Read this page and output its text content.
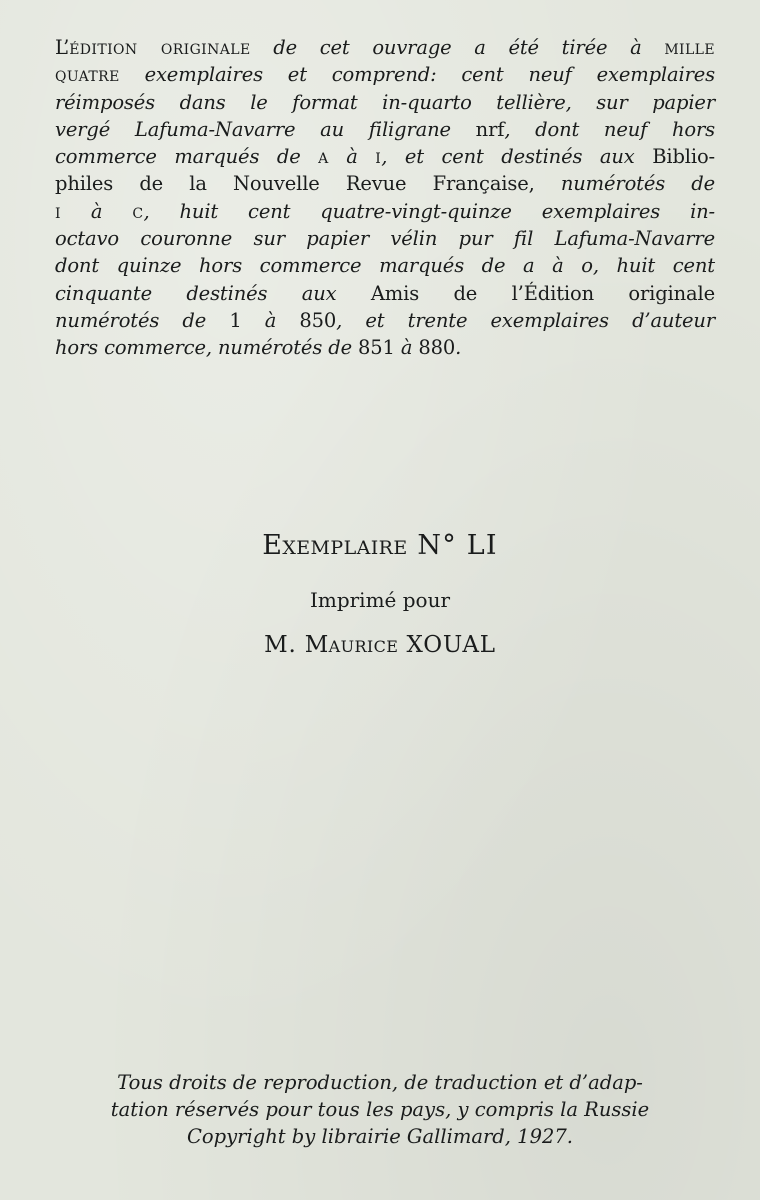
L’édition originale de cet ouvrage a été tirée à mille
quatre exemplaires et comprend: cent neuf exemplaires
réimposés dans le format in-quarto tellière, sur papier
vergé Lafuma-Navarre au filigrane nrf, dont neuf hors
commerce marqués de a à i, et cent destinés aux Biblio-
philes de la Nouvelle Revue Française, numérotés de
i à c, huit cent quatre-vingt-quinze exemplaires in-
octavo couronne sur papier vélin pur fil Lafuma-Navarre
dont quinze hors commerce marqués de a à o, huit cent
cinquante destinés aux Amis de l’Édition originale
numérotés de 1 à 850, et trente exemplaires d’auteur
hors commerce, numérotés de 851 à 880.
Exemplaire N° LI
Imprimé pour
M. Maurice XOUAL
Tous droits de reproduction, de traduction et d’adap-
tation réservés pour tous les pays, y compris la Russie
Copyright by librairie Gallimard, 1927.
